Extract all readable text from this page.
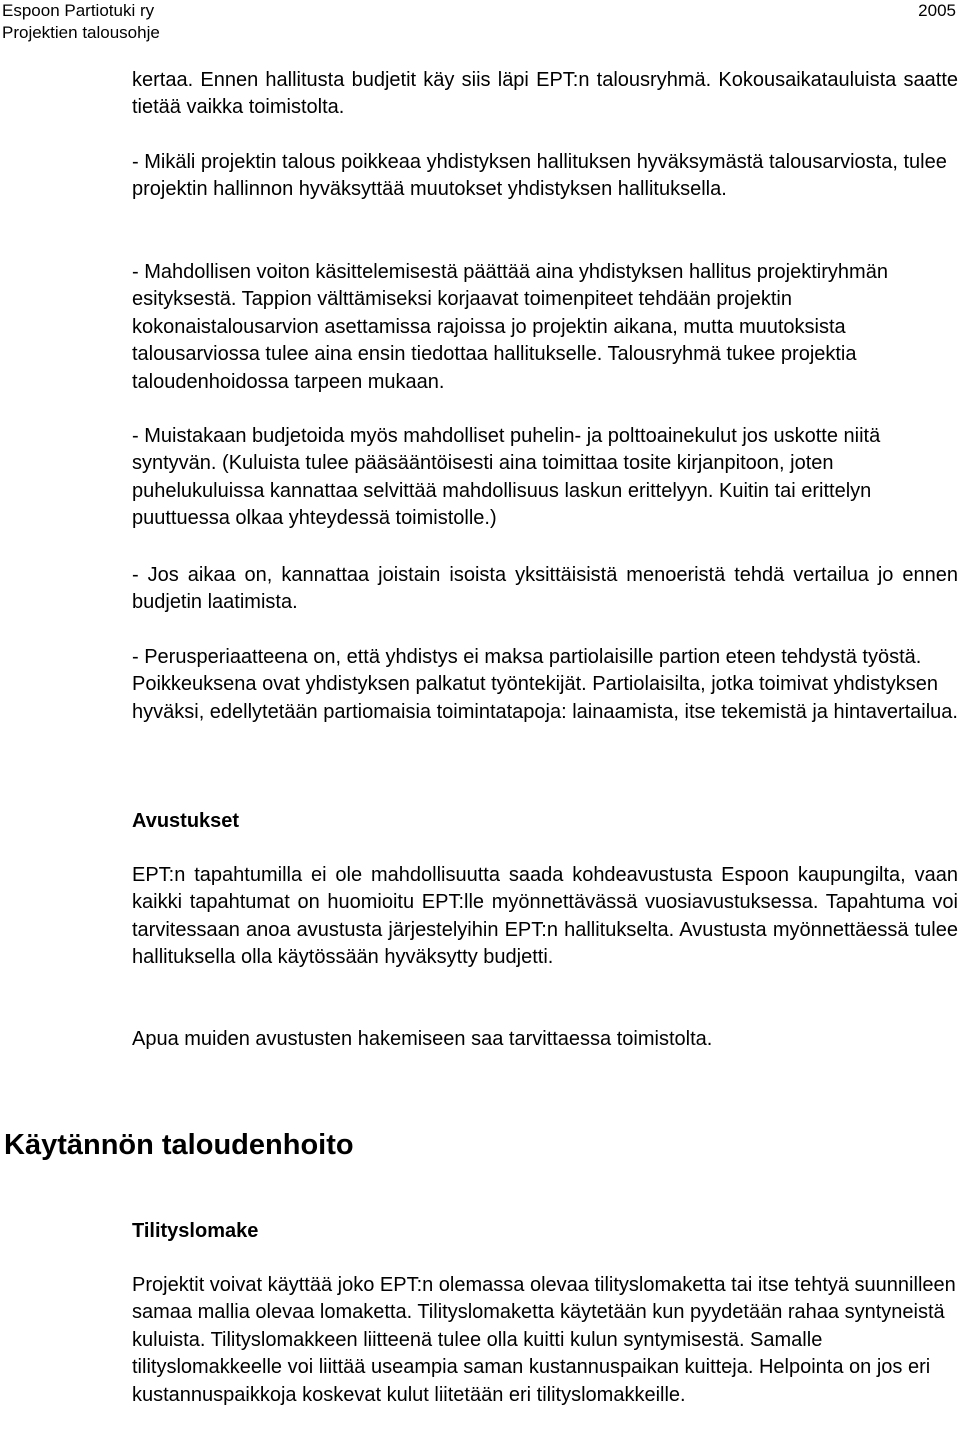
Espoon Partiotuki ry
Projektien talousohje
2005

kertaa. Ennen hallitusta budjetit käy siis läpi EPT:n talousryhmä. Kokousaikatauluista saatte tietää vaikka toimistolta.

- Mikäli projektin talous poikkeaa yhdistyksen hallituksen hyväksymästä talousarviosta, tulee projektin hallinnon hyväksyttää muutokset yhdistyksen hallituksella.

- Mahdollisen voiton käsittelemisestä päättää aina yhdistyksen hallitus projektiryhmän esityksestä. Tappion välttämiseksi korjaavat toimenpiteet tehdään projektin kokonaistalousarvion asettamissa rajoissa jo projektin aikana, mutta muutoksista talousarviossa tulee aina ensin tiedottaa hallitukselle. Talousryhmä tukee projektia taloudenhoidossa tarpeen mukaan.

- Muistakaan budjetoida myös mahdolliset puhelin- ja polttoainekulut jos uskotte niitä syntyvän. (Kuluista tulee pääsääntöisesti aina toimittaa tosite kirjanpitoon, joten puhelukuluissa kannattaa selvittää mahdollisuus laskun erittelyyn. Kuitin tai erittelyn puuttuessa olkaa yhteydessä toimistolle.)

- Jos aikaa on, kannattaa joistain isoista yksittäisistä menoeristä tehdä vertailua jo ennen budjetin laatimista.

- Perusperiaatteena on, että yhdistys ei maksa partiolaisille partion eteen tehdystä työstä. Poikkeuksena ovat yhdistyksen palkatut työntekijät. Partiolaisilta, jotka toimivat yhdistyksen hyväksi, edellytetään partiomaisia toimintatapoja: lainaamista, itse tekemistä ja hintavertailua.

Avustukset

EPT:n tapahtumilla ei ole mahdollisuutta saada kohdeavustusta Espoon kaupungilta, vaan kaikki tapahtumat on huomioitu EPT:lle myönnettävässä vuosiavustuksessa. Tapahtuma voi tarvitessaan anoa avustusta järjestelyihin EPT:n hallitukselta. Avustusta myönnettäessä tulee hallituksella olla käytössään hyväksytty budjetti.

Apua muiden avustusten hakemiseen saa tarvittaessa toimistolta.

Käytännön taloudenhoito
Tilityslomake

Projektit voivat käyttää joko EPT:n olemassa olevaa tilityslomaketta tai itse tehtyä suunnilleen samaa mallia olevaa lomaketta. Tilityslomaketta käytetään kun pyydetään rahaa syntyneistä kuluista. Tilityslomakkeen liitteenä tulee olla kuitti kulun syntymisestä. Samalle tilityslomakkeelle voi liittää useampia saman kustannuspaikan kuitteja. Helpointa on jos eri kustannuspaikkoja koskevat kulut liitetään eri tilityslomakkeille.
